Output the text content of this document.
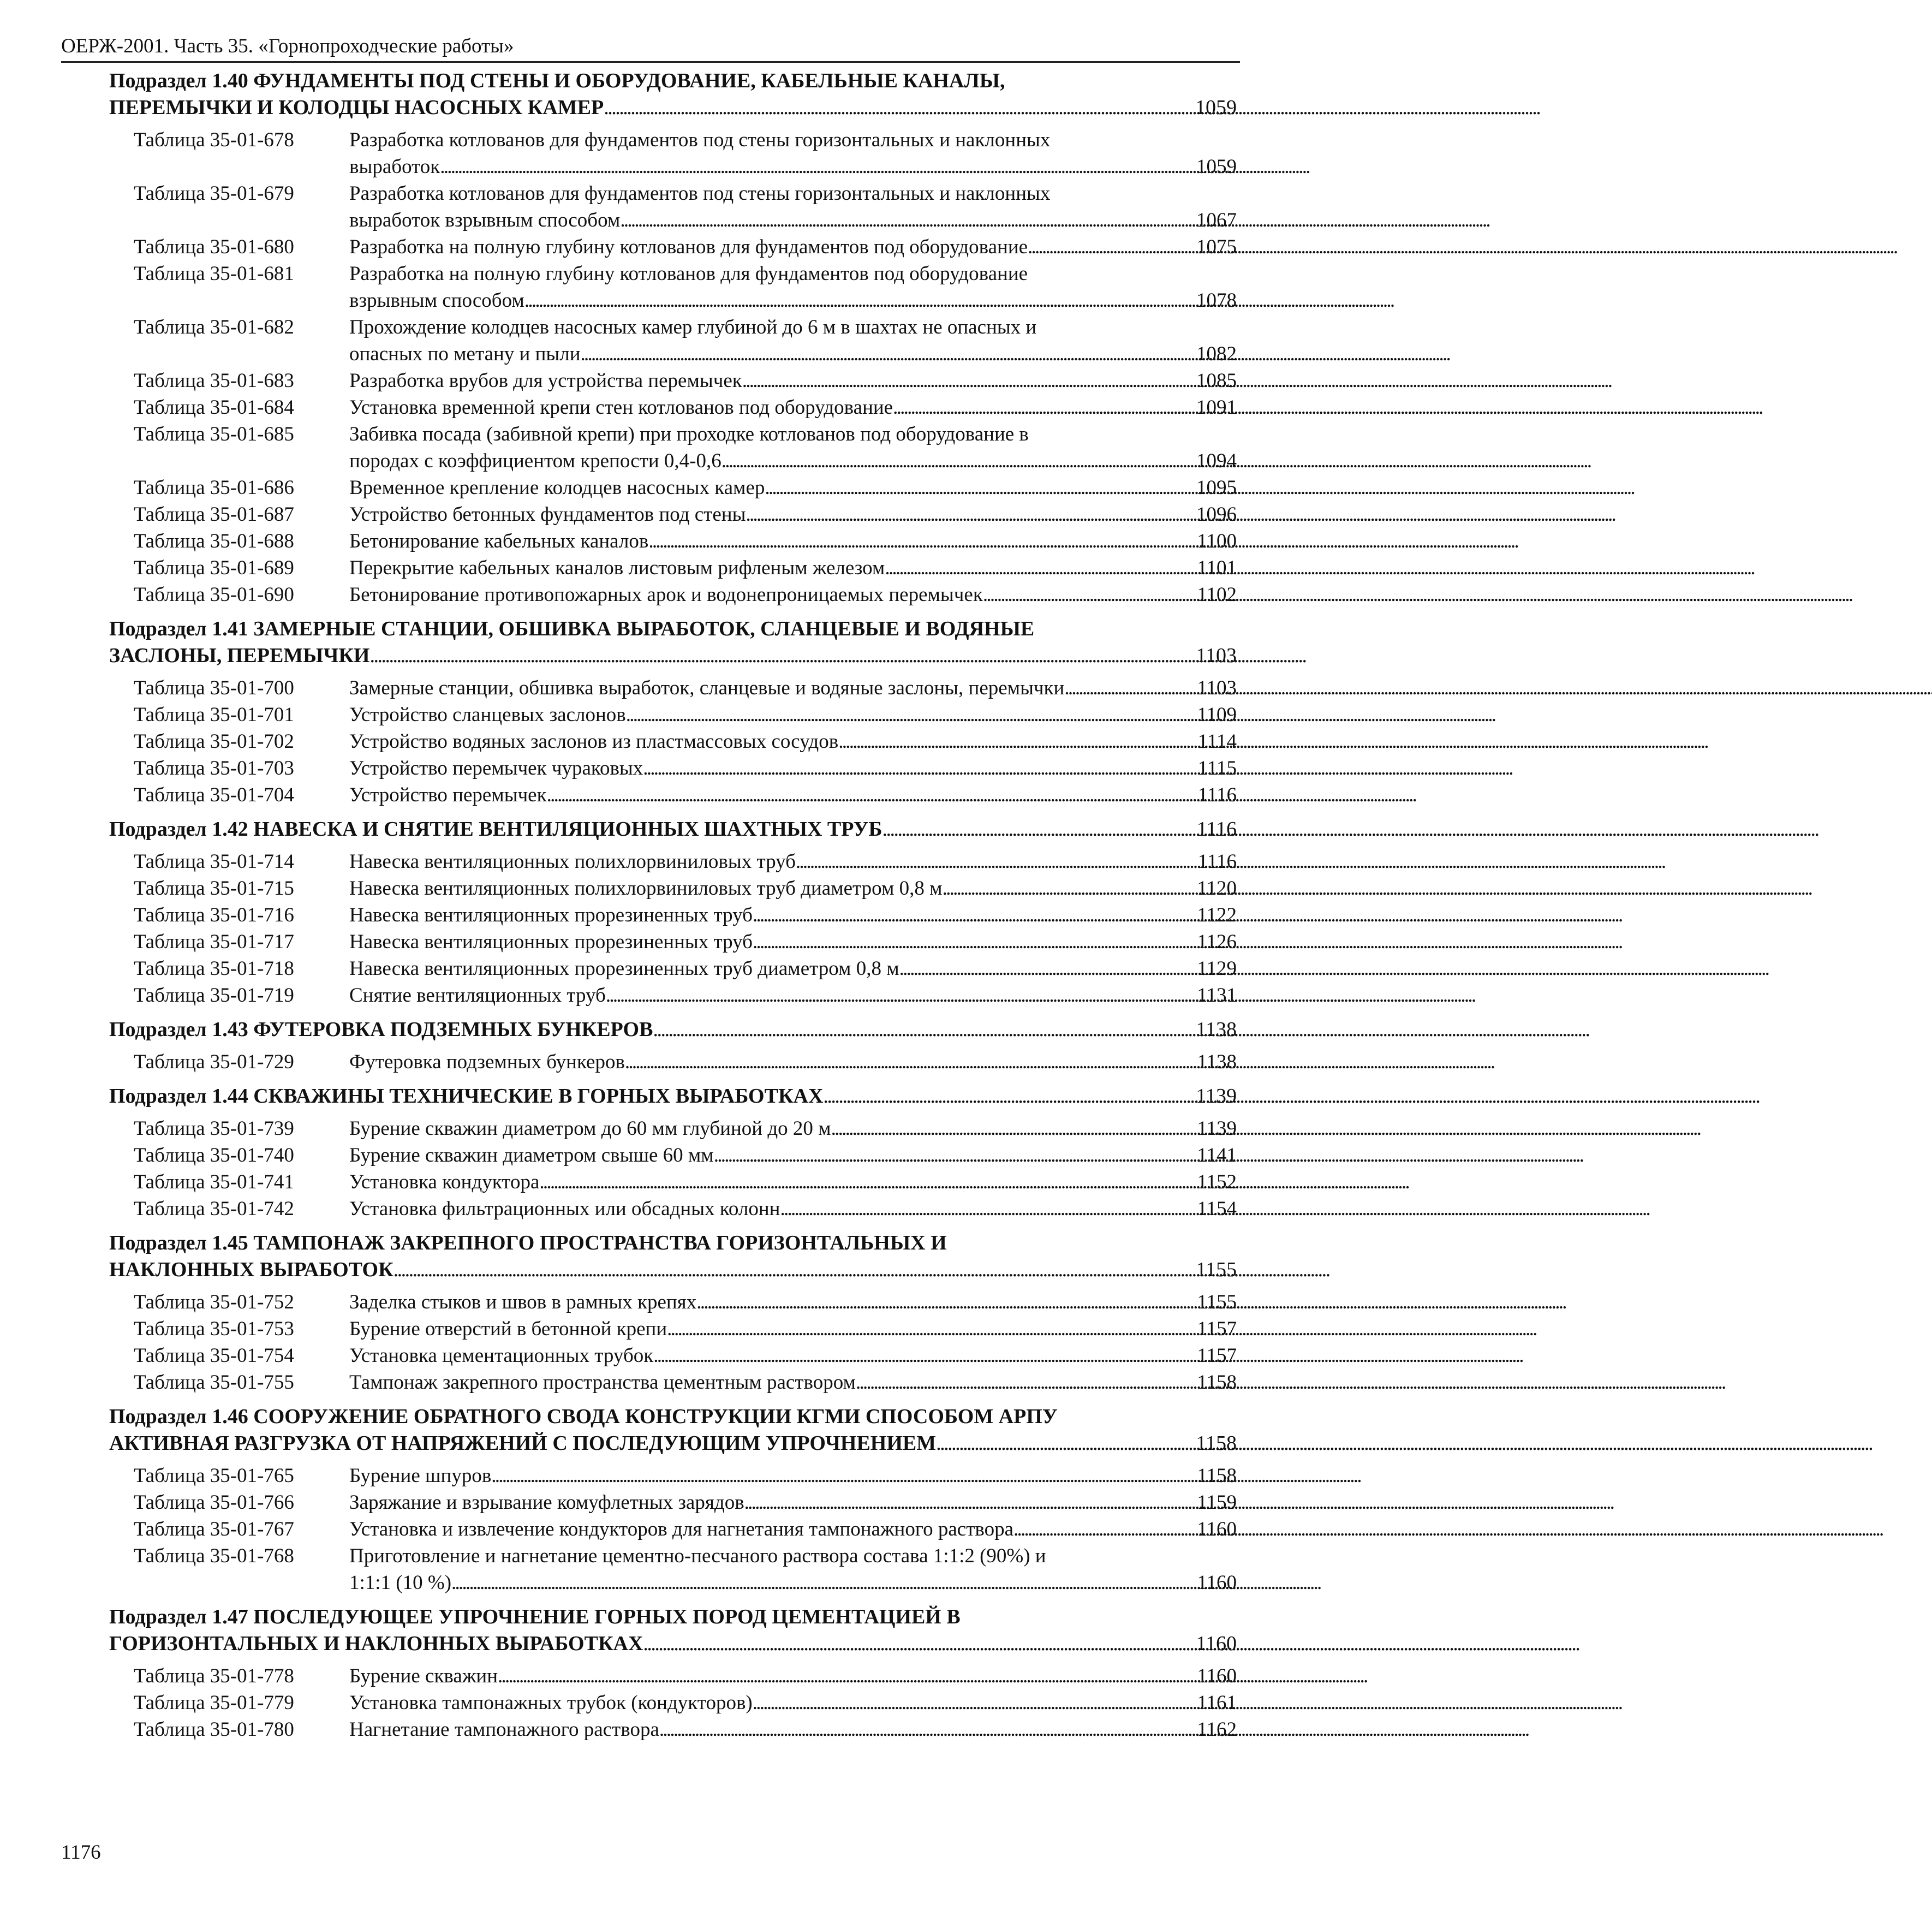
ОЕРЖ-2001. Часть 35. «Горнопроходческие работы»
Подраздел 1.40 ФУНДАМЕНТЫ ПОД СТЕНЫ И ОБОРУДОВАНИЕ, КАБЕЛЬНЫЕ КАНАЛЫ,
ПЕРЕМЫЧКИ И КОЛОДЦЫ НАСОСНЫХ КАМЕР . . .	1059
Таблица 35-01-678	Разработка котлованов для фундаментов под стены горизонтальных и наклонных
выработок . . .	1059
Таблица 35-01-679	Разработка котлованов для фундаментов под стены горизонтальных и наклонных
выработок взрывным способом . . .	1067
Таблица 35-01-680	Разработка на полную глубину котлованов для фундаментов под оборудование . . .	1075
Таблица 35-01-681	Разработка на полную глубину котлованов для фундаментов под оборудование
взрывным способом . . .	1078
Таблица 35-01-682	Прохождение колодцев насосных камер глубиной до 6 м в шахтах не опасных и
опасных по метану и пыли . . .	1082
Таблица 35-01-683	Разработка врубов для устройства перемычек . . .	1085
Таблица 35-01-684	Установка временной крепи стен котлованов под оборудование . . .	1091
Таблица 35-01-685	Забивка посада (забивной крепи) при проходке котлованов под оборудование в
породах с коэффициентом крепости 0,4-0,6 . . .	1094
Таблица 35-01-686	Временное крепление колодцев насосных камер . . .	1095
Таблица 35-01-687	Устройство бетонных фундаментов под стены . . .	1096
Таблица 35-01-688	Бетонирование кабельных каналов . . .	1100
Таблица 35-01-689	Перекрытие кабельных каналов листовым рифленым железом . . .	1101
Таблица 35-01-690	Бетонирование противопожарных арок и водонепроницаемых перемычек . . .	1102
Подраздел 1.41 ЗАМЕРНЫЕ СТАНЦИИ, ОБШИВКА ВЫРАБОТОК, СЛАНЦЕВЫЕ И ВОДЯНЫЕ
ЗАСЛОНЫ, ПЕРЕМЫЧКИ . . .	1103
Таблица 35-01-700	Замерные станции, обшивка выработок, сланцевые и водяные заслоны, перемычки . . .	1103
Таблица 35-01-701	Устройство сланцевых заслонов . . .	1109
Таблица 35-01-702	Устройство водяных заслонов из пластмассовых сосудов . . .	1114
Таблица 35-01-703	Устройство перемычек чураковых . . .	1115
Таблица 35-01-704	Устройство перемычек . . .	1116
Подраздел 1.42 НАВЕСКА И СНЯТИЕ ВЕНТИЛЯЦИОННЫХ ШАХТНЫХ ТРУБ . . .	1116
Таблица 35-01-714	Навеска вентиляционных полихлорвиниловых труб . . .	1116
Таблица 35-01-715	Навеска вентиляционных полихлорвиниловых труб диаметром 0,8 м . . .	1120
Таблица 35-01-716	Навеска вентиляционных прорезиненных труб . . .	1122
Таблица 35-01-717	Навеска вентиляционных прорезиненных труб . . .	1126
Таблица 35-01-718	Навеска вентиляционных прорезиненных труб диаметром 0,8 м . . .	1129
Таблица 35-01-719	Снятие вентиляционных труб . . .	1131
Подраздел 1.43 ФУТЕРОВКА ПОДЗЕМНЫХ БУНКЕРОВ . . .	1138
Таблица 35-01-729	Футеровка подземных бункеров . . .	1138
Подраздел 1.44 СКВАЖИНЫ ТЕХНИЧЕСКИЕ В ГОРНЫХ ВЫРАБОТКАХ . . .	1139
Таблица 35-01-739	Бурение скважин диаметром до 60 мм глубиной до 20 м . . .	1139
Таблица 35-01-740	Бурение скважин диаметром свыше 60 мм . . .	1141
Таблица 35-01-741	Установка кондуктора . . .	1152
Таблица 35-01-742	Установка фильтрационных или обсадных колонн . . .	1154
Подраздел 1.45 ТАМПОНАЖ ЗАКРЕПНОГО ПРОСТРАНСТВА ГОРИЗОНТАЛЬНЫХ И
НАКЛОННЫХ ВЫРАБОТОК . . .	1155
Таблица 35-01-752	Заделка стыков и швов в рамных крепях . . .	1155
Таблица 35-01-753	Бурение отверстий в бетонной крепи . . .	1157
Таблица 35-01-754	Установка цементационных трубок . . .	1157
Таблица 35-01-755	Тампонаж закрепного пространства цементным раствором . . .	1158
Подраздел 1.46 СООРУЖЕНИЕ ОБРАТНОГО СВОДА КОНСТРУКЦИИ КГМИ СПОСОБОМ АРПУ
АКТИВНАЯ РАЗГРУЗКА ОТ НАПРЯЖЕНИЙ С ПОСЛЕДУЮЩИМ УПРОЧНЕНИЕМ . . .	1158
Таблица 35-01-765	Бурение шпуров . . .	1158
Таблица 35-01-766	Заряжание и взрывание комуфлетных зарядов . . .	1159
Таблица 35-01-767	Установка и извлечение кондукторов для нагнетания тампонажного раствора . . .	1160
Таблица 35-01-768	Приготовление и нагнетание цементно-песчаного раствора состава 1:1:2 (90%) и
1:1:1 (10 %) . . .	1160
Подраздел 1.47 ПОСЛЕДУЮЩЕЕ УПРОЧНЕНИЕ ГОРНЫХ ПОРОД ЦЕМЕНТАЦИЕЙ В
ГОРИЗОНТАЛЬНЫХ И НАКЛОННЫХ ВЫРАБОТКАХ . . .	1160
Таблица 35-01-778	Бурение скважин . . .	1160
Таблица 35-01-779	Установка тампонажных трубок (кондукторов) . . .	1161
Таблица 35-01-780	Нагнетание тампонажного раствора . . .	1162
1176
